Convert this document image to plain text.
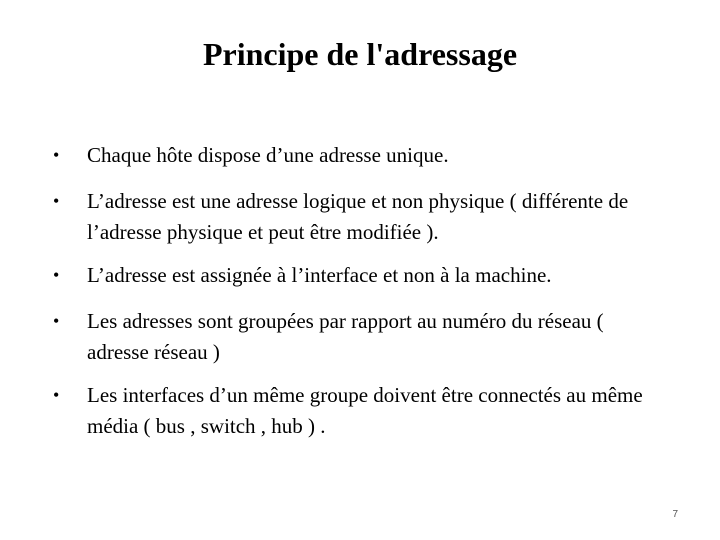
Principe de l'adressage
• Chaque hôte dispose d’une adresse unique.
• L’adresse est une adresse logique et non physique ( différente de l’adresse physique et peut être modifiée ).
• L’adresse est assignée à l’interface et non à la machine.
• Les adresses sont groupées par rapport au numéro du réseau ( adresse réseau )
• Les interfaces d’un même groupe doivent être connectés au même média ( bus , switch , hub ) .
7
